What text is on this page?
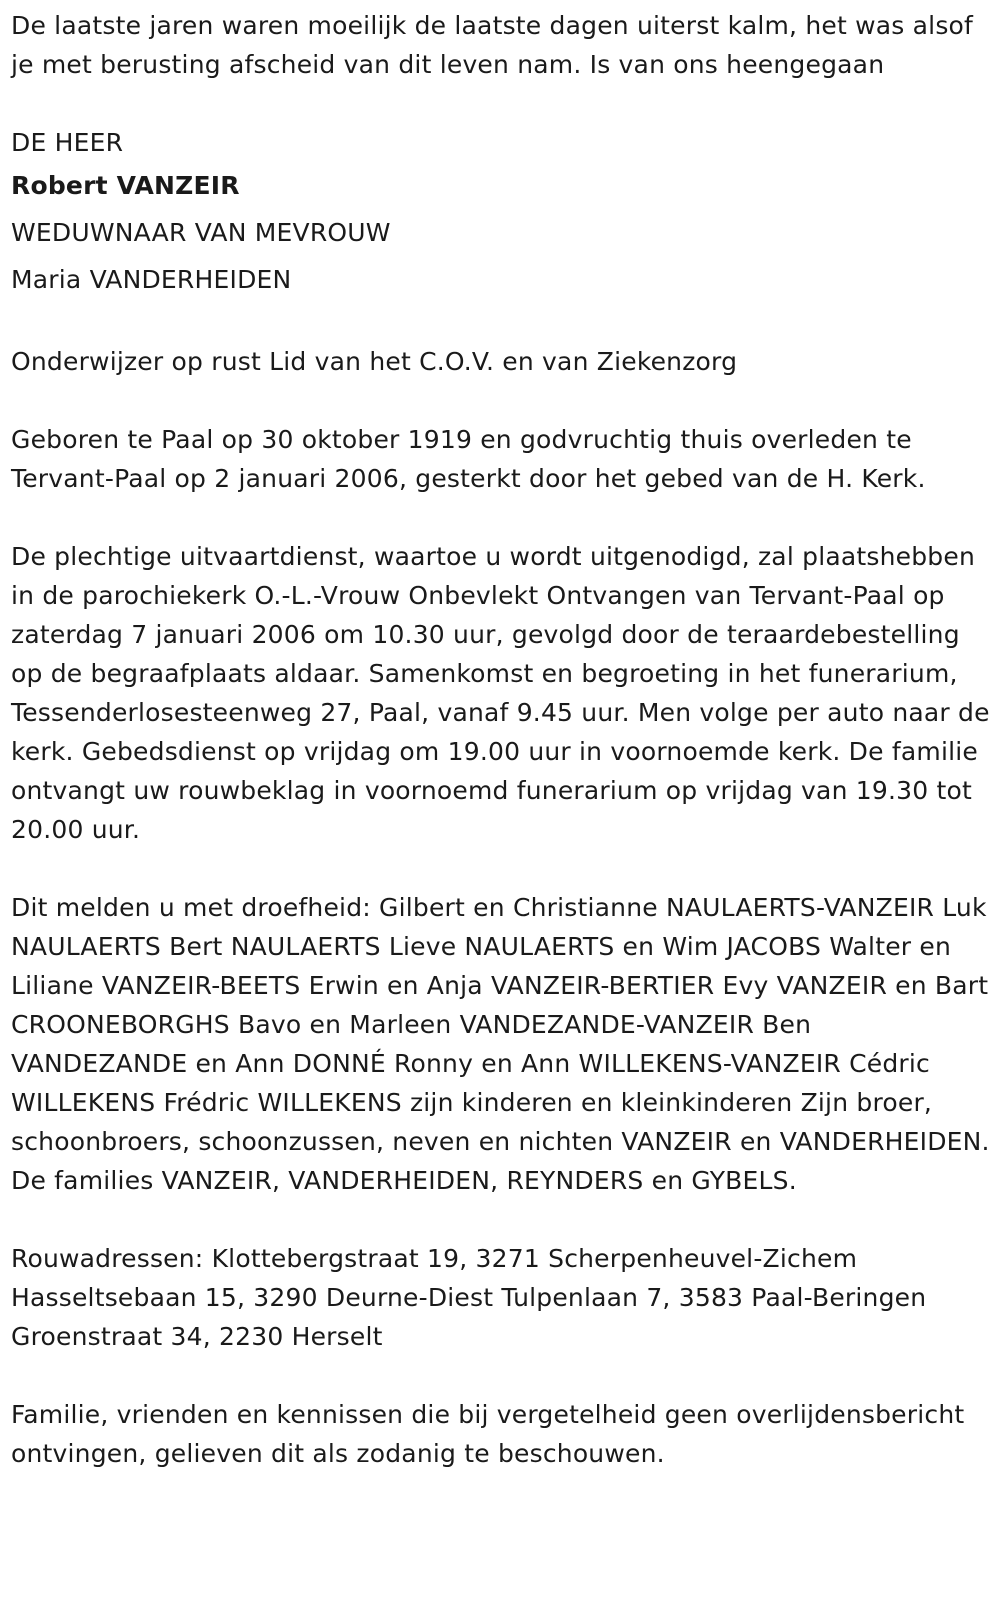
De laatste jaren waren moeilijk de laatste dagen uiterst kalm, het was alsof je met berusting afscheid van dit leven nam. Is van ons heengegaan

DE HEER

Robert VANZEIR

WEDUWNAAR VAN MEVROUW

Maria VANDERHEIDEN

Onderwijzer op rust Lid van het C.O.V. en van Ziekenzorg

Geboren te Paal op 30 oktober 1919 en godvruchtig thuis overleden te Tervant-Paal op 2 januari 2006, gesterkt door het gebed van de H. Kerk.

De plechtige uitvaartdienst, waartoe u wordt uitgenodigd, zal plaatshebben in de parochiekerk O.-L.-Vrouw Onbevlekt Ontvangen van Tervant-Paal op zaterdag 7 januari 2006 om 10.30 uur, gevolgd door de teraardebestelling op de begraafplaats aldaar. Samenkomst en begroeting in het funerarium, Tessenderlosesteenweg 27, Paal, vanaf 9.45 uur. Men volge per auto naar de kerk. Gebedsdienst op vrijdag om 19.00 uur in voornoemde kerk. De familie ontvangt uw rouwbeklag in voornoemd funerarium op vrijdag van 19.30 tot 20.00 uur.

Dit melden u met droefheid: Gilbert en Christianne NAULAERTS-VANZEIR Luk NAULAERTS Bert NAULAERTS Lieve NAULAERTS en Wim JACOBS Walter en Liliane VANZEIR-BEETS Erwin en Anja VANZEIR-BERTIER Evy VANZEIR en Bart CROONEBORGHS Bavo en Marleen VANDEZANDE-VANZEIR Ben VANDEZANDE en Ann DONNÉ Ronny en Ann WILLEKENS-VANZEIR Cédric WILLEKENS Frédric WILLEKENS zijn kinderen en kleinkinderen Zijn broer, schoonbroers, schoonzussen, neven en nichten VANZEIR en VANDERHEIDEN. De families VANZEIR, VANDERHEIDEN, REYNDERS en GYBELS.

Rouwadressen: Klottebergstraat 19, 3271 Scherpenheuvel-Zichem Hasseltsebaan 15, 3290 Deurne-Diest Tulpenlaan 7, 3583 Paal-Beringen Groenstraat 34, 2230 Herselt

Familie, vrienden en kennissen die bij vergetelheid geen overlijdensbericht ontvingen, gelieven dit als zodanig te beschouwen.
